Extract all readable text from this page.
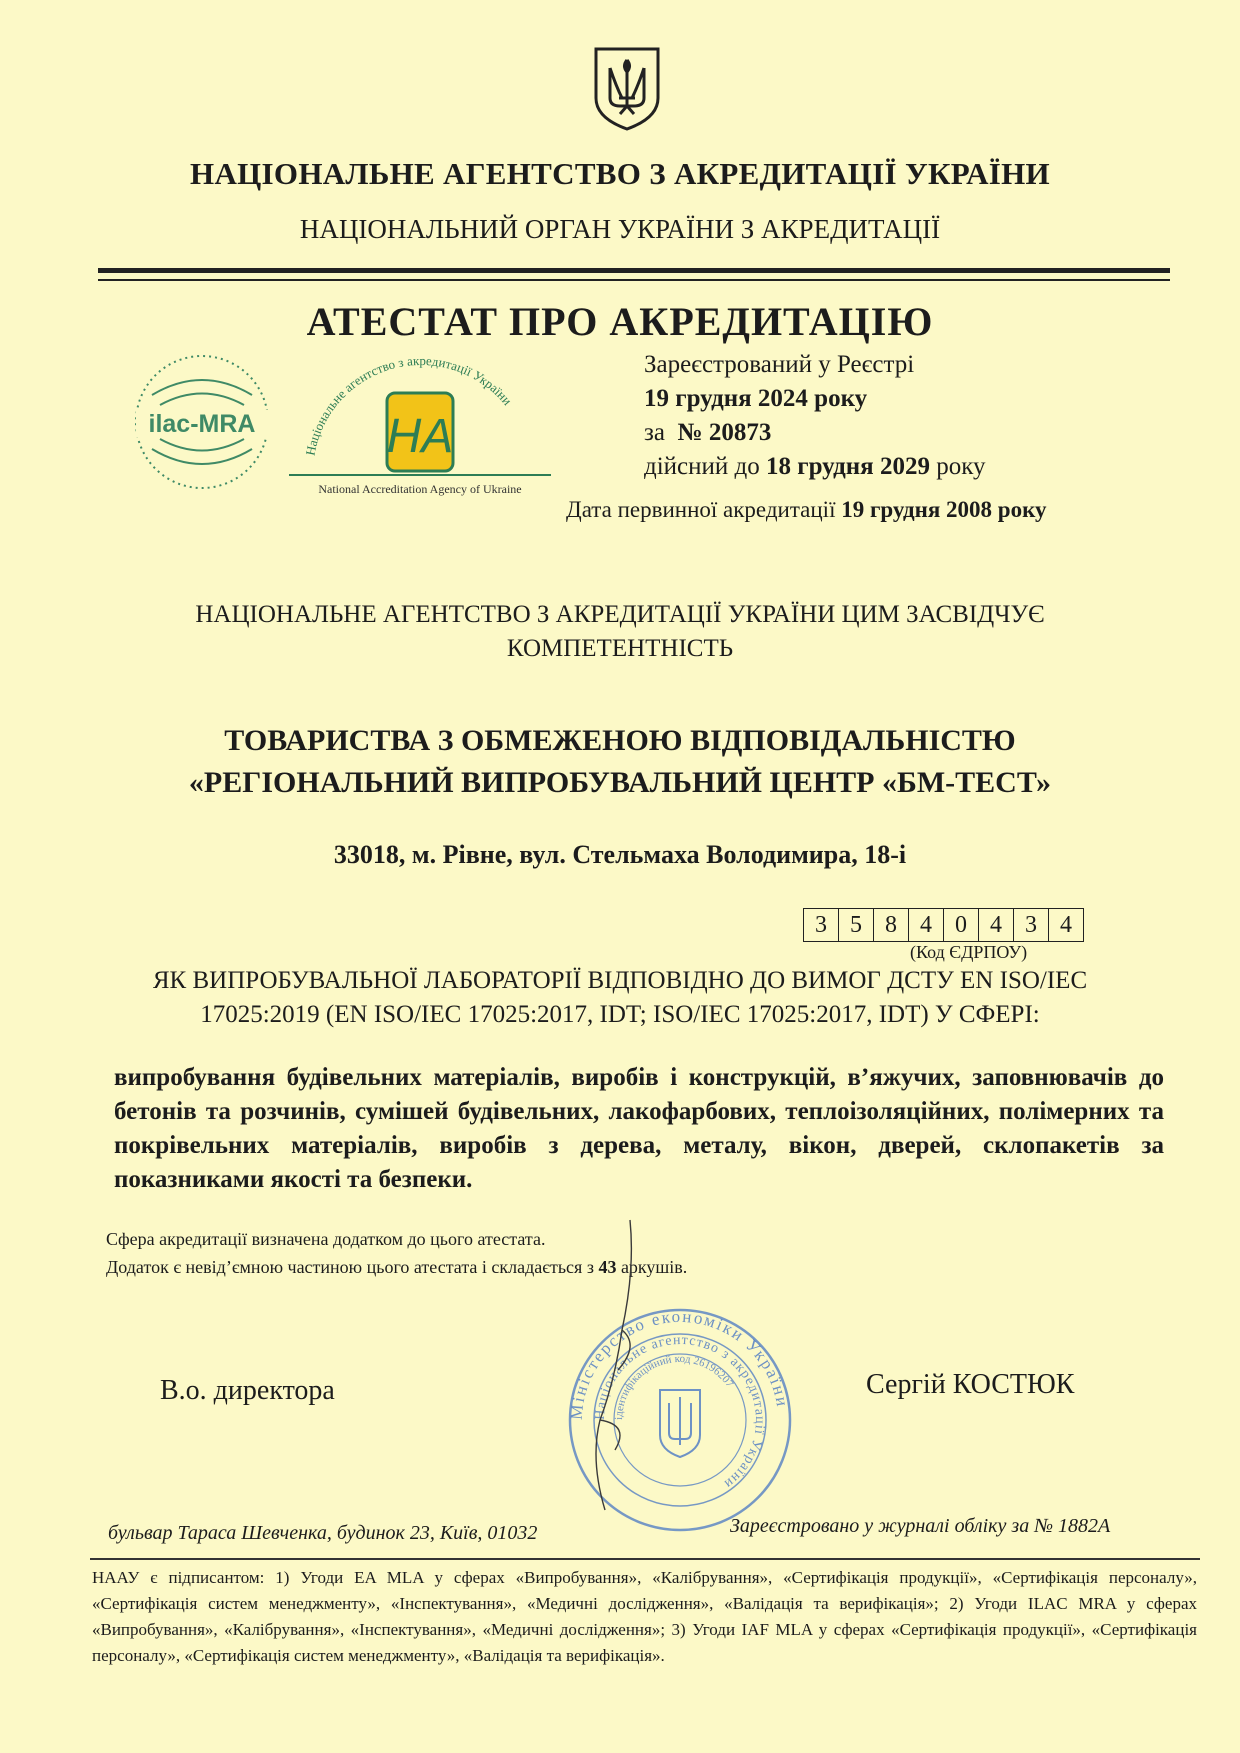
НАЦІОНАЛЬНЕ АГЕНТСТВО З АКРЕДИТАЦІЇ УКРАЇНИ
НАЦІОНАЛЬНИЙ ОРГАН УКРАЇНИ З АКРЕДИТАЦІЇ
АТЕСТАТ ПРО АКРЕДИТАЦІЮ
ilac-MRA
Національне агентство з акредитації України
НА
National Accreditation Agency of Ukraine
Зареєстрований у Реєстрі
19 грудня 2024 року
за № 20873
дійсний до 18 грудня 2029 року
Дата первинної акредитації 19 грудня 2008 року
НАЦІОНАЛЬНЕ АГЕНТСТВО З АКРЕДИТАЦІЇ УКРАЇНИ ЦИМ ЗАСВІДЧУЄ
КОМПЕТЕНТНІСТЬ
ТОВАРИСТВА З ОБМЕЖЕНОЮ ВІДПОВІДАЛЬНІСТЮ
«РЕГІОНАЛЬНИЙ ВИПРОБУВАЛЬНИЙ ЦЕНТР «БМ-ТЕСТ»
33018, м. Рівне, вул. Стельмаха Володимира, 18-і
3 5 8 4 0 4 3 4
(Код ЄДРПОУ)
ЯК ВИПРОБУВАЛЬНОЇ ЛАБОРАТОРІЇ ВІДПОВІДНО ДО ВИМОГ ДСТУ EN ISO/IEC
17025:2019 (EN ISO/IEC 17025:2017, IDT; ISO/IEC 17025:2017, IDT) У СФЕРІ:
випробування будівельних матеріалів, виробів і конструкцій, в’яжучих, заповнювачів до бетонів та розчинів, сумішей будівельних, лакофарбових, теплоізоляційних, полімерних та покрівельних матеріалів, виробів з дерева, металу, вікон, дверей, склопакетів за показниками якості та безпеки.
Сфера акредитації визначена додатком до цього атестата.
Додаток є невід’ємною частиною цього атестата і складається з 43 аркушів.
Міністерство економіки України
Національне агентство з акредитації України
ідентифікаційний код 26196207
В.о. директора	Сергій КОСТЮК
бульвар Тараса Шевченка, будинок 23, Київ, 01032	Зареєстровано у журналі обліку за № 1882А
НААУ є підписантом: 1) Угоди EA MLA у сферах «Випробування», «Калібрування», «Сертифікація продукції», «Сертифікація персоналу», «Сертифікація систем менеджменту», «Інспектування», «Медичні дослідження», «Валідація та верифікація»; 2) Угоди ILAC MRA у сферах «Випробування», «Калібрування», «Інспектування», «Медичні дослідження»; 3) Угоди IAF MLA у сферах «Сертифікація продукції», «Сертифікація персоналу», «Сертифікація систем менеджменту», «Валідація та верифікація».
